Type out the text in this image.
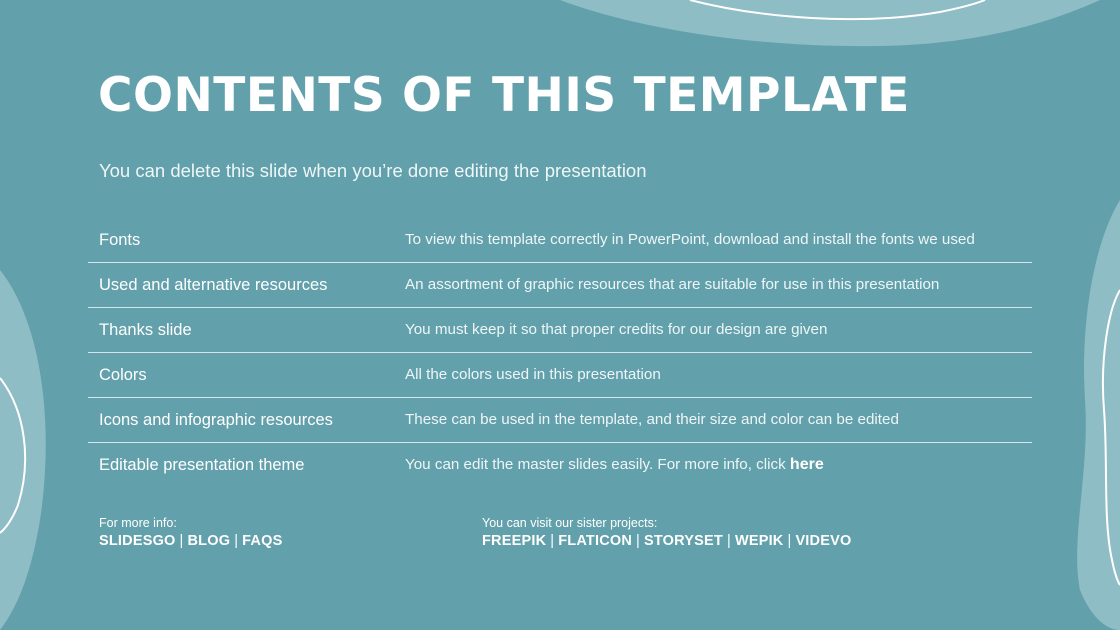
CONTENTS OF THIS TEMPLATE
You can delete this slide when you’re done editing the presentation
Fonts	To view this template correctly in PowerPoint, download and install the fonts we used
Used and alternative resources	An assortment of graphic resources that are suitable for use in this presentation
Thanks slide	You must keep it so that proper credits for our design are given
Colors	All the colors used in this presentation
Icons and infographic resources	These can be used in the template, and their size and color can be edited
Editable presentation theme	You can edit the master slides easily. For more info, click here
For more info:
SLIDESGO | BLOG | FAQS
You can visit our sister projects:
FREEPIK | FLATICON | STORYSET | WEPIK | VIDEVO
